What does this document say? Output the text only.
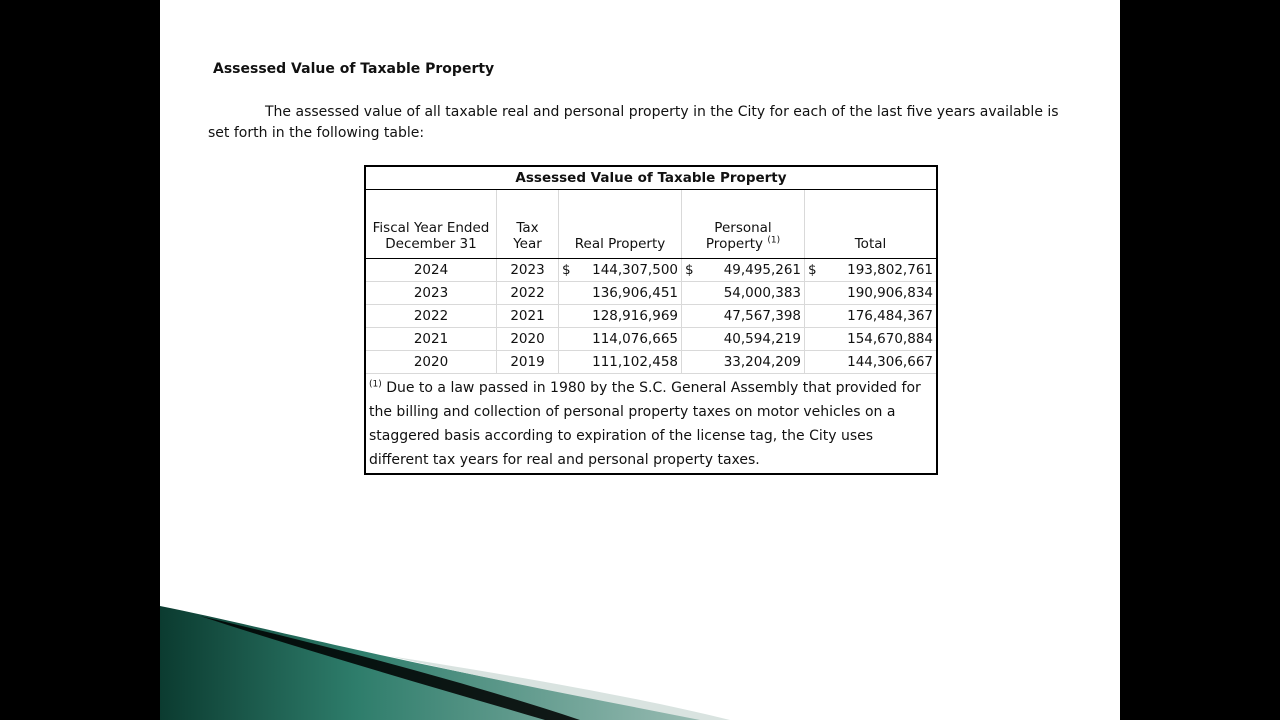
Assessed Value of Taxable Property
The assessed value of all taxable real and personal property in the City for each of the last five years available is set forth in the following table:
Assessed Value of Taxable Property				
Fiscal Year Ended	Tax		Personal	
December 31	Year	Real Property	Property $^{(1)}$	Total
2024	2023	$ 144,307,500	$ 49,495,261	$ 193,802,761

2023	2022	136,906,451	54,000,383	190,906,834
2022	2021	128,916,969	47,567,398	176,484,367
2021	2020	114,076,665	40,594,219	154,670,884
2020	2019	111,102,458	33,204,209	144,306,667
$^{(1)}$ Due to a law passed in 1980 by the S.C. General Assembly that provided for the billing and collection of personal property taxes on motor vehicles on a staggered basis according to expiration of the license tag, the City uses different tax years for real and personal property taxes.				
